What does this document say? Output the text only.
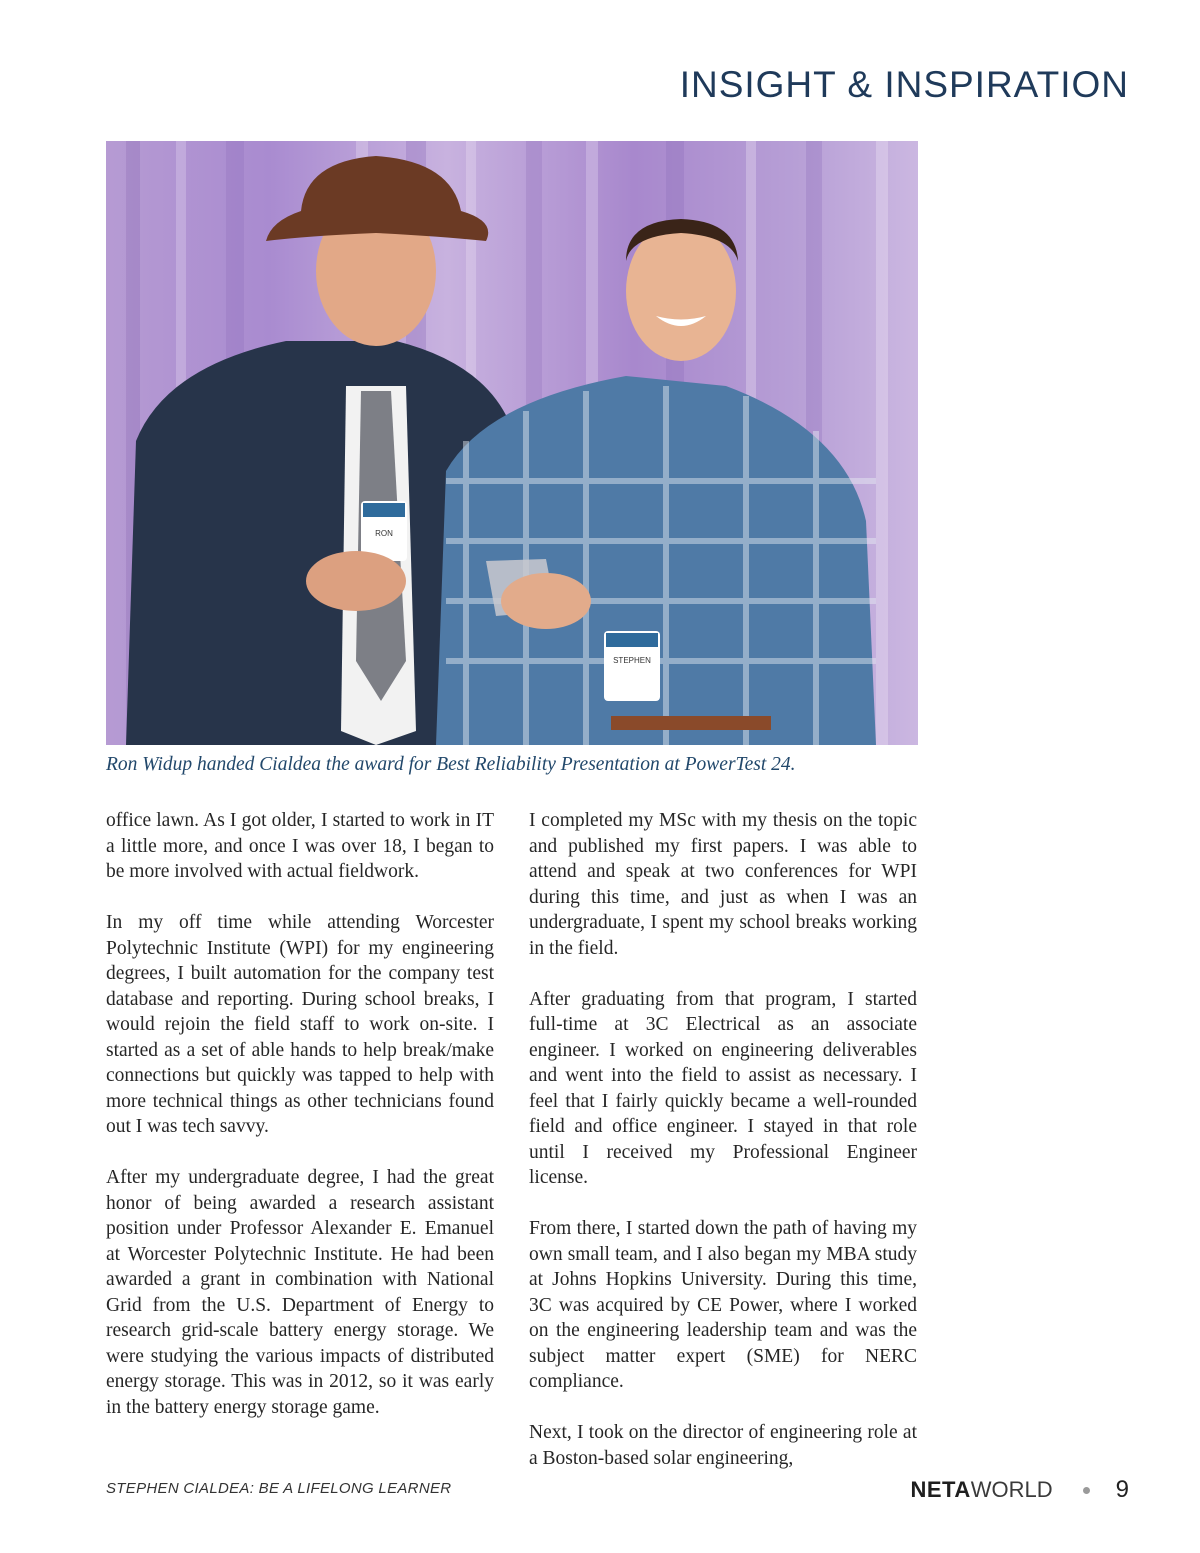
INSIGHT & INSPIRATION
RON
STEPHEN
Ron Widup handed Cialdea the award for Best Reliability Presentation at PowerTest 24.

office lawn. As I got older, I started to work in IT a little more, and once I was over 18, I began to be more involved with actual fieldwork.

In my off time while attending Worcester Polytechnic Institute (WPI) for my engineering degrees, I built automation for the company test database and reporting. During school breaks, I would rejoin the field staff to work on-site. I started as a set of able hands to help break/make connections but quickly was tapped to help with more technical things as other technicians found out I was tech savvy.

After my undergraduate degree, I had the great honor of being awarded a research assistant position under Professor Alexander E. Emanuel at Worcester Polytechnic Institute. He had been awarded a grant in combination with National Grid from the U.S. Department of Energy to research grid-scale battery energy storage. We were studying the various impacts of distributed energy storage. This was in 2012, so it was early in the battery energy storage game.

I completed my MSc with my thesis on the topic and published my first papers. I was able to attend and speak at two conferences for WPI during this time, and just as when I was an undergraduate, I spent my school breaks working in the field.

After graduating from that program, I started full-time at 3C Electrical as an associate engineer. I worked on engineering deliverables and went into the field to assist as necessary. I feel that I fairly quickly became a well-rounded field and office engineer. I stayed in that role until I received my Professional Engineer license.

From there, I started down the path of having my own small team, and I also began my MBA study at Johns Hopkins University. During this time, 3C was acquired by CE Power, where I worked on the engineering leadership team and was the subject matter expert (SME) for NERC compliance.

Next, I took on the director of engineering role at a Boston-based solar engineering,

STEPHEN CIALDEA: BE A LIFELONG LEARNER	NETA WORLD	9
